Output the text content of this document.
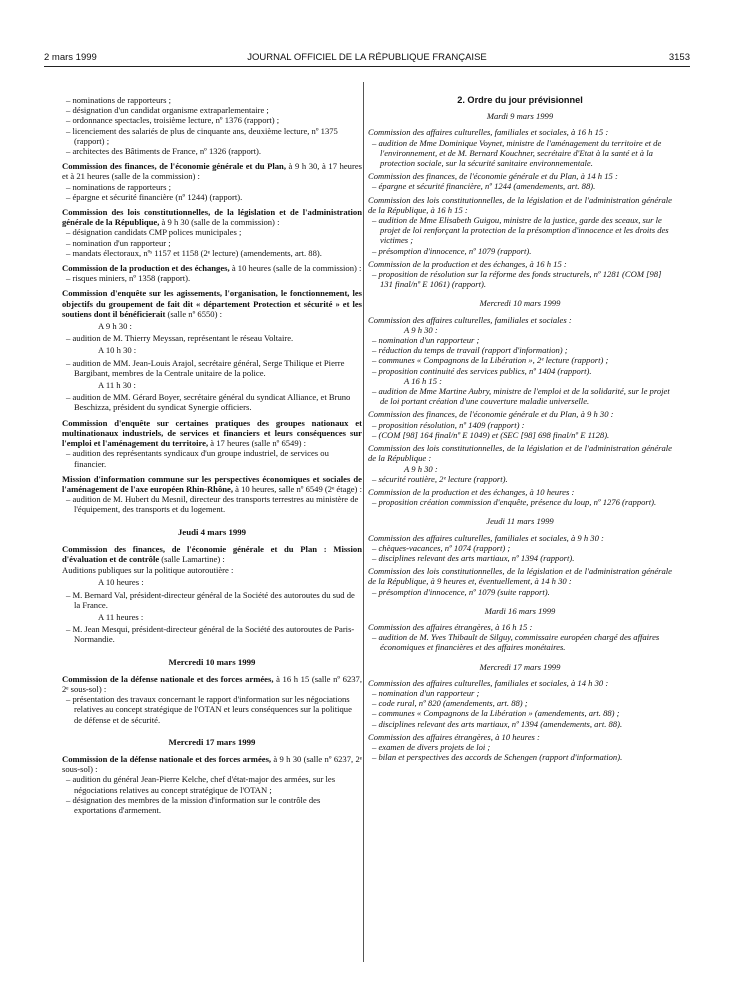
2 mars 1999	JOURNAL OFFICIEL DE LA RÉPUBLIQUE FRANÇAISE	3153

– nominations de rapporteurs ;

– désignation d'un candidat organisme extraparlementaire ;

– ordonnance spectacles, troisième lecture, nº 1376 (rapport) ;

– licenciement des salariés de plus de cinquante ans, deuxième lecture, nº 1375 (rapport) ;

– architectes des Bâtiments de France, nº 1326 (rapport).

Commission des finances, de l'économie générale et du Plan, à 9 h 30, à 17 heures et à 21 heures (salle de la commission) :

– nominations de rapporteurs ;

– épargne et sécurité financière (nº 1244) (rapport).

Commission des lois constitutionnelles, de la législation et de l'administration générale de la République, à 9 h 30 (salle de la commission) :

– désignation candidats CMP polices municipales ;

– nomination d'un rapporteur ;

– mandats électoraux, nºˢ 1157 et 1158 (2ᵉ lecture) (amendements, art. 88).

Commission de la production et des échanges, à 10 heures (salle de la commission) :

– risques miniers, nº 1358 (rapport).

Commission d'enquête sur les agissements, l'organisation, le fonctionnement, les objectifs du groupement de fait dit « département Protection et sécurité » et les soutiens dont il bénéficierait (salle nº 6550) :

A 9 h 30 :

– audition de M. Thierry Meyssan, représentant le réseau Voltaire.

A 10 h 30 :

– audition de MM. Jean-Louis Arajol, secrétaire général, Serge Thilique et Pierre Bargibant, membres de la Centrale unitaire de la police.

A 11 h 30 :

– audition de MM. Gérard Boyer, secrétaire général du syndicat Alliance, et Bruno Beschizza, président du syndicat Synergie officiers.

Commission d'enquête sur certaines pratiques des groupes nationaux et multinationaux industriels, de services et financiers et leurs conséquences sur l'emploi et l'aménagement du territoire, à 17 heures (salle nº 6549) :

– audition des représentants syndicaux d'un groupe industriel, de services ou financier.

Mission d'information commune sur les perspectives économiques et sociales de l'aménagement de l'axe européen Rhin-Rhône, à 10 heures, salle nº 6549 (2ᵉ étage) :

– audition de M. Hubert du Mesnil, directeur des transports terrestres au ministère de l'équipement, des transports et du logement.

Jeudi 4 mars 1999
Commission des finances, de l'économie générale et du Plan : Mission d'évaluation et de contrôle (salle Lamartine) :

Auditions publiques sur la politique autoroutière :

A 10 heures :

– M. Bernard Val, président-directeur général de la Société des autoroutes du sud de la France.

A 11 heures :

– M. Jean Mesqui, président-directeur général de la Société des autoroutes de Paris-Normandie.

Mercredi 10 mars 1999
Commission de la défense nationale et des forces armées, à 16 h 15 (salle nº 6237, 2ᵉ sous-sol) :

– présentation des travaux concernant le rapport d'information sur les négociations relatives au concept stratégique de l'OTAN et leurs conséquences sur la politique de défense et de sécurité.

Mercredi 17 mars 1999
Commission de la défense nationale et des forces armées, à 9 h 30 (salle nº 6237, 2ᵉ sous-sol) :

– audition du général Jean-Pierre Kelche, chef d'état-major des armées, sur les négociations relatives au concept stratégique de l'OTAN ;

– désignation des membres de la mission d'information sur le contrôle des exportations d'armement.

2. Ordre du jour prévisionnel
Mardi 9 mars 1999

Commission des affaires culturelles, familiales et sociales, à 16 h 15 :

– audition de Mme Dominique Voynet, ministre de l'aménagement du territoire et de l'environnement, et de M. Bernard Kouchner, secrétaire d'Etat à la santé et à la protection sociale, sur la sécurité sanitaire environnementale.

Commission des finances, de l'économie générale et du Plan, à 14 h 15 :

– épargne et sécurité financière, nº 1244 (amendements, art. 88).

Commission des lois constitutionnelles, de la législation et de l'administration générale de la République, à 16 h 15 :

– audition de Mme Elisabeth Guigou, ministre de la justice, garde des sceaux, sur le projet de loi renforçant la protection de la présomption d'innocence et les droits des victimes ;

– présomption d'innocence, nº 1079 (rapport).

Commission de la production et des échanges, à 16 h 15 :

– proposition de résolution sur la réforme des fonds structurels, nº 1281 (COM [98] 131 final/nº E 1061) (rapport).

Mercredi 10 mars 1999

Commission des affaires culturelles, familiales et sociales :

A 9 h 30 :

– nomination d'un rapporteur ;

– réduction du temps de travail (rapport d'information) ;

– communes « Compagnons de la Libération », 2ᵉ lecture (rapport) ;

– proposition continuité des services publics, nº 1404 (rapport).

A 16 h 15 :

– audition de Mme Martine Aubry, ministre de l'emploi et de la solidarité, sur le projet de loi portant création d'une couverture maladie universelle.

Commission des finances, de l'économie générale et du Plan, à 9 h 30 :

– proposition résolution, nº 1409 (rapport) :

– (COM [98] 164 final/nº E 1049) et (SEC [98] 698 final/nº E 1128).

Commission des lois constitutionnelles, de la législation et de l'administration générale de la République :

A 9 h 30 :

– sécurité routière, 2ᵉ lecture (rapport).

Commission de la production et des échanges, à 10 heures :

– proposition création commission d'enquête, présence du loup, nº 1276 (rapport).

Jeudi 11 mars 1999

Commission des affaires culturelles, familiales et sociales, à 9 h 30 :

– chèques-vacances, nº 1074 (rapport) ;

– disciplines relevant des arts martiaux, nº 1394 (rapport).

Commission des lois constitutionnelles, de la législation et de l'administration générale de la République, à 9 heures et, éventuellement, à 14 h 30 :

– présomption d'innocence, nº 1079 (suite rapport).

Mardi 16 mars 1999

Commission des affaires étrangères, à 16 h 15 :

– audition de M. Yves Thibault de Silguy, commissaire européen chargé des affaires économiques et financières et des affaires monétaires.

Mercredi 17 mars 1999

Commission des affaires culturelles, familiales et sociales, à 14 h 30 :

– nomination d'un rapporteur ;

– code rural, nº 820 (amendements, art. 88) ;

– communes « Compagnons de la Libération » (amendements, art. 88) ;

– disciplines relevant des arts martiaux, nº 1394 (amendements, art. 88).

Commission des affaires étrangères, à 10 heures :

– examen de divers projets de loi ;

– bilan et perspectives des accords de Schengen (rapport d'information).
